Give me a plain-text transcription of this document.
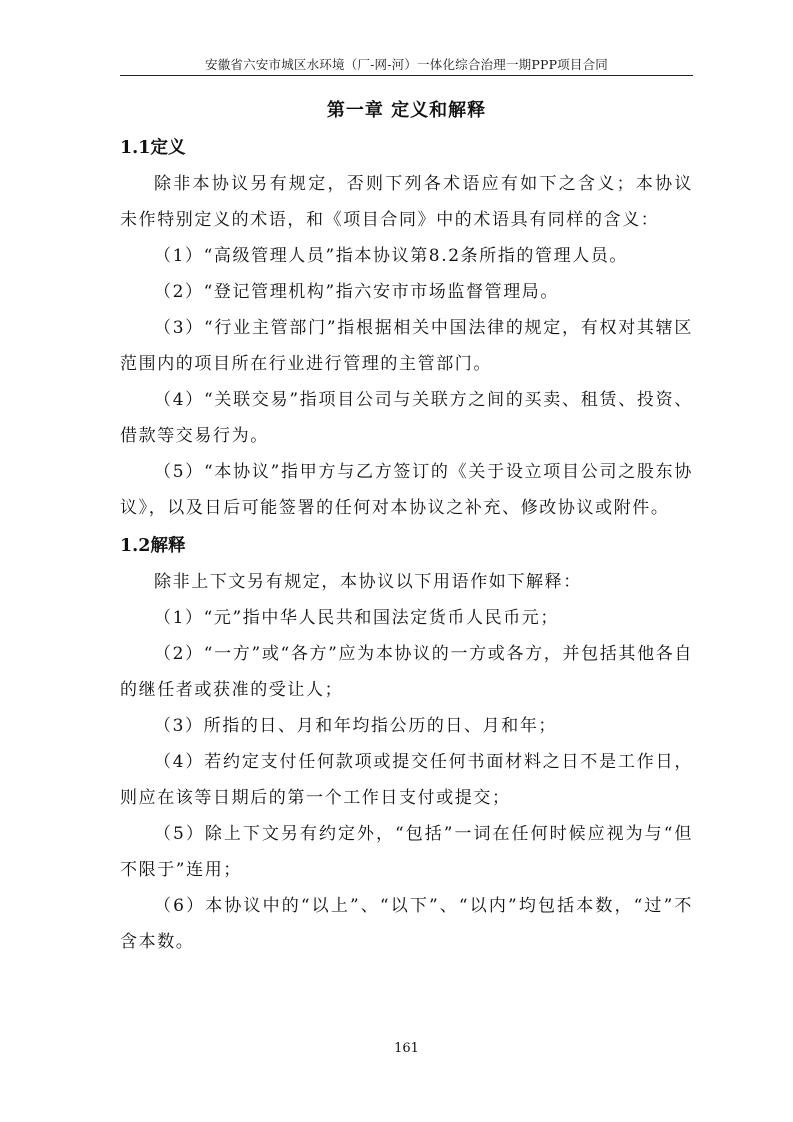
安徽省六安市城区水环境（厂-网-河）一体化综合治理一期PPP项目合同
第一章 定义和解释
1.1定义
除非本协议另有规定，否则下列各术语应有如下之含义；本协议未作特别定义的术语，和《项目合同》中的术语具有同样的含义：
（1）“高级管理人员”指本协议第8.2条所指的管理人员。
（2）“登记管理机构”指六安市市场监督管理局。
（3）“行业主管部门”指根据相关中国法律的规定，有权对其辖区范围内的项目所在行业进行管理的主管部门。
（4）“关联交易”指项目公司与关联方之间的买卖、租赁、投资、借款等交易行为。
（5）“本协议”指甲方与乙方签订的《关于设立项目公司之股东协议》，以及日后可能签署的任何对本协议之补充、修改协议或附件。
1.2解释
除非上下文另有规定，本协议以下用语作如下解释：
（1）“元”指中华人民共和国法定货币人民币元；
（2）“一方”或“各方”应为本协议的一方或各方，并包括其他各自的继任者或获准的受让人；
（3）所指的日、月和年均指公历的日、月和年；
（4）若约定支付任何款项或提交任何书面材料之日不是工作日，则应在该等日期后的第一个工作日支付或提交；
（5）除上下文另有约定外，“包括”一词在任何时候应视为与“但不限于”连用；
（6）本协议中的“以上”、“以下”、“以内”均包括本数，“过”不含本数。
161
